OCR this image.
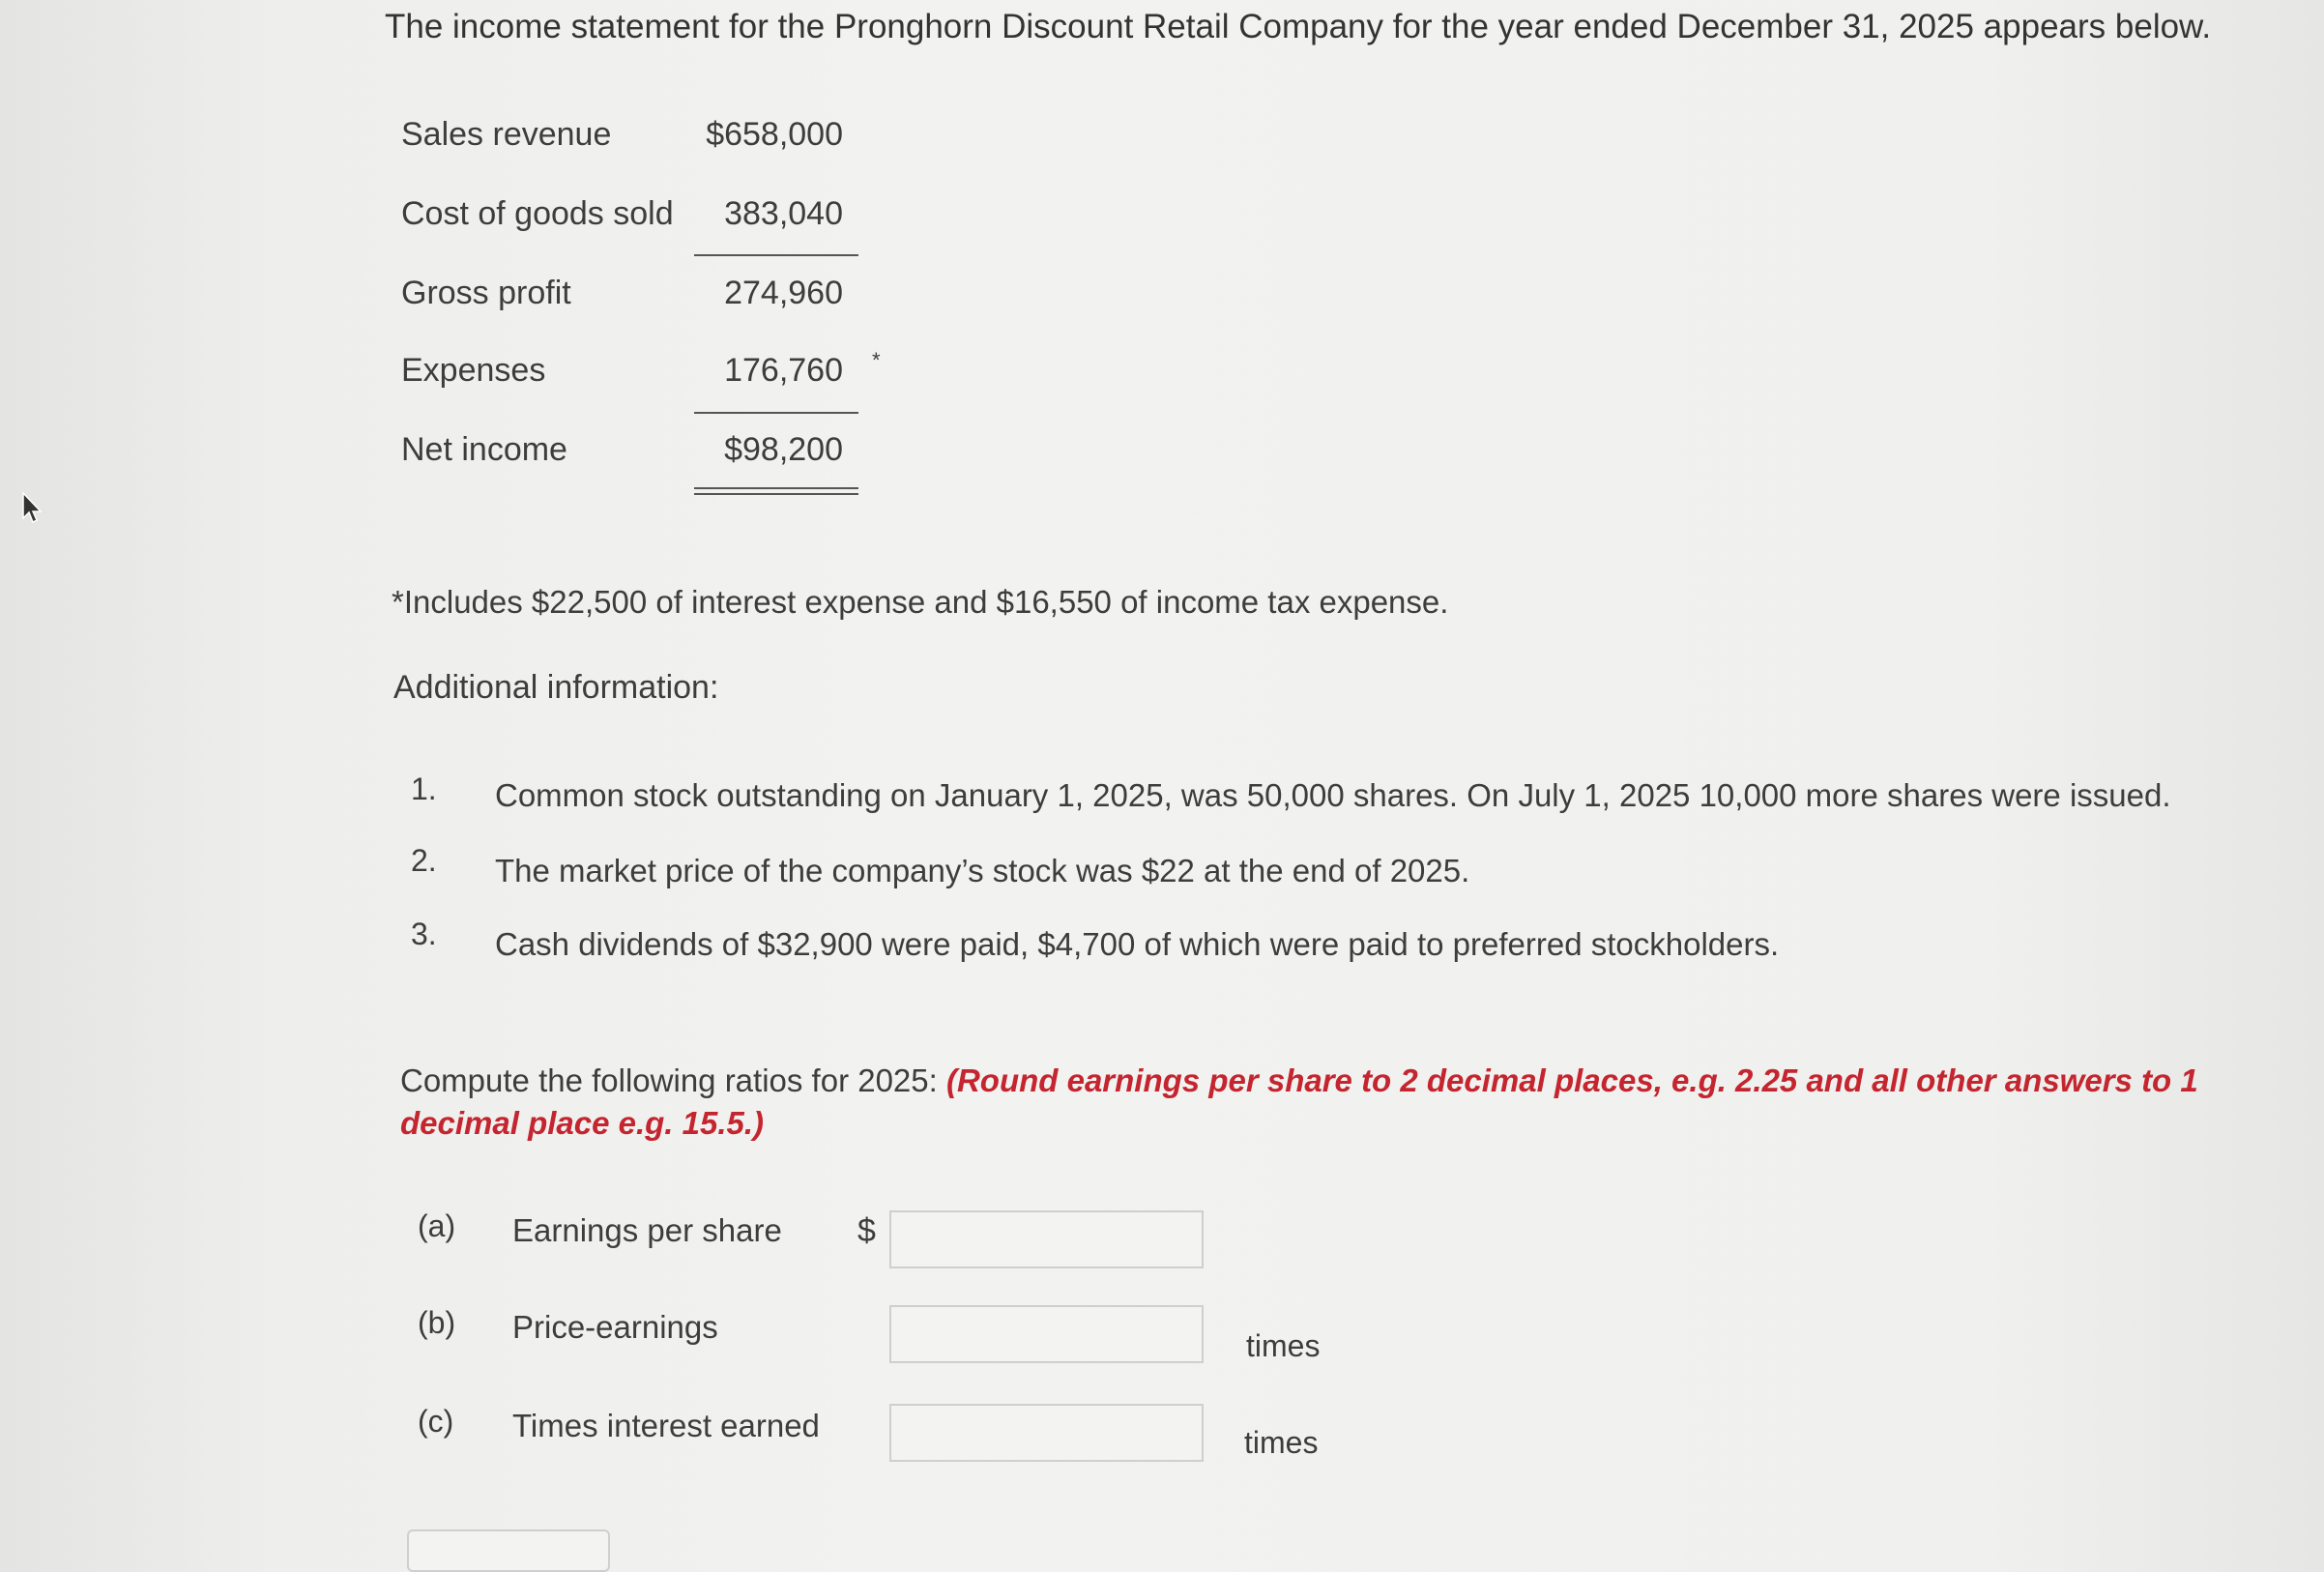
The income statement for the Pronghorn Discount Retail Company for the year ended December 31, 2025 appears below.
Sales revenue	$658,000
Cost of goods sold 383,040
Gross profit	274,960
Expenses	176,760 *
Net income	$98,200
*Includes $22,500 of interest expense and $16,550 of income tax expense.
Additional information:
1. Common stock outstanding on January 1, 2025, was 50,000 shares. On July 1, 2025 10,000 more shares were issued.
2. The market price of the company’s stock was $22 at the end of 2025.
3. Cash dividends of $32,900 were paid, $4,700 of which were paid to preferred stockholders.
Compute the following ratios for 2025: (Round earnings per share to 2 decimal places, e.g. 2.25 and all other answers to 1 decimal place e.g. 15.5.)
(a) Earnings per share $
(b) Price-earnings
times
(c) Times interest earned	times
